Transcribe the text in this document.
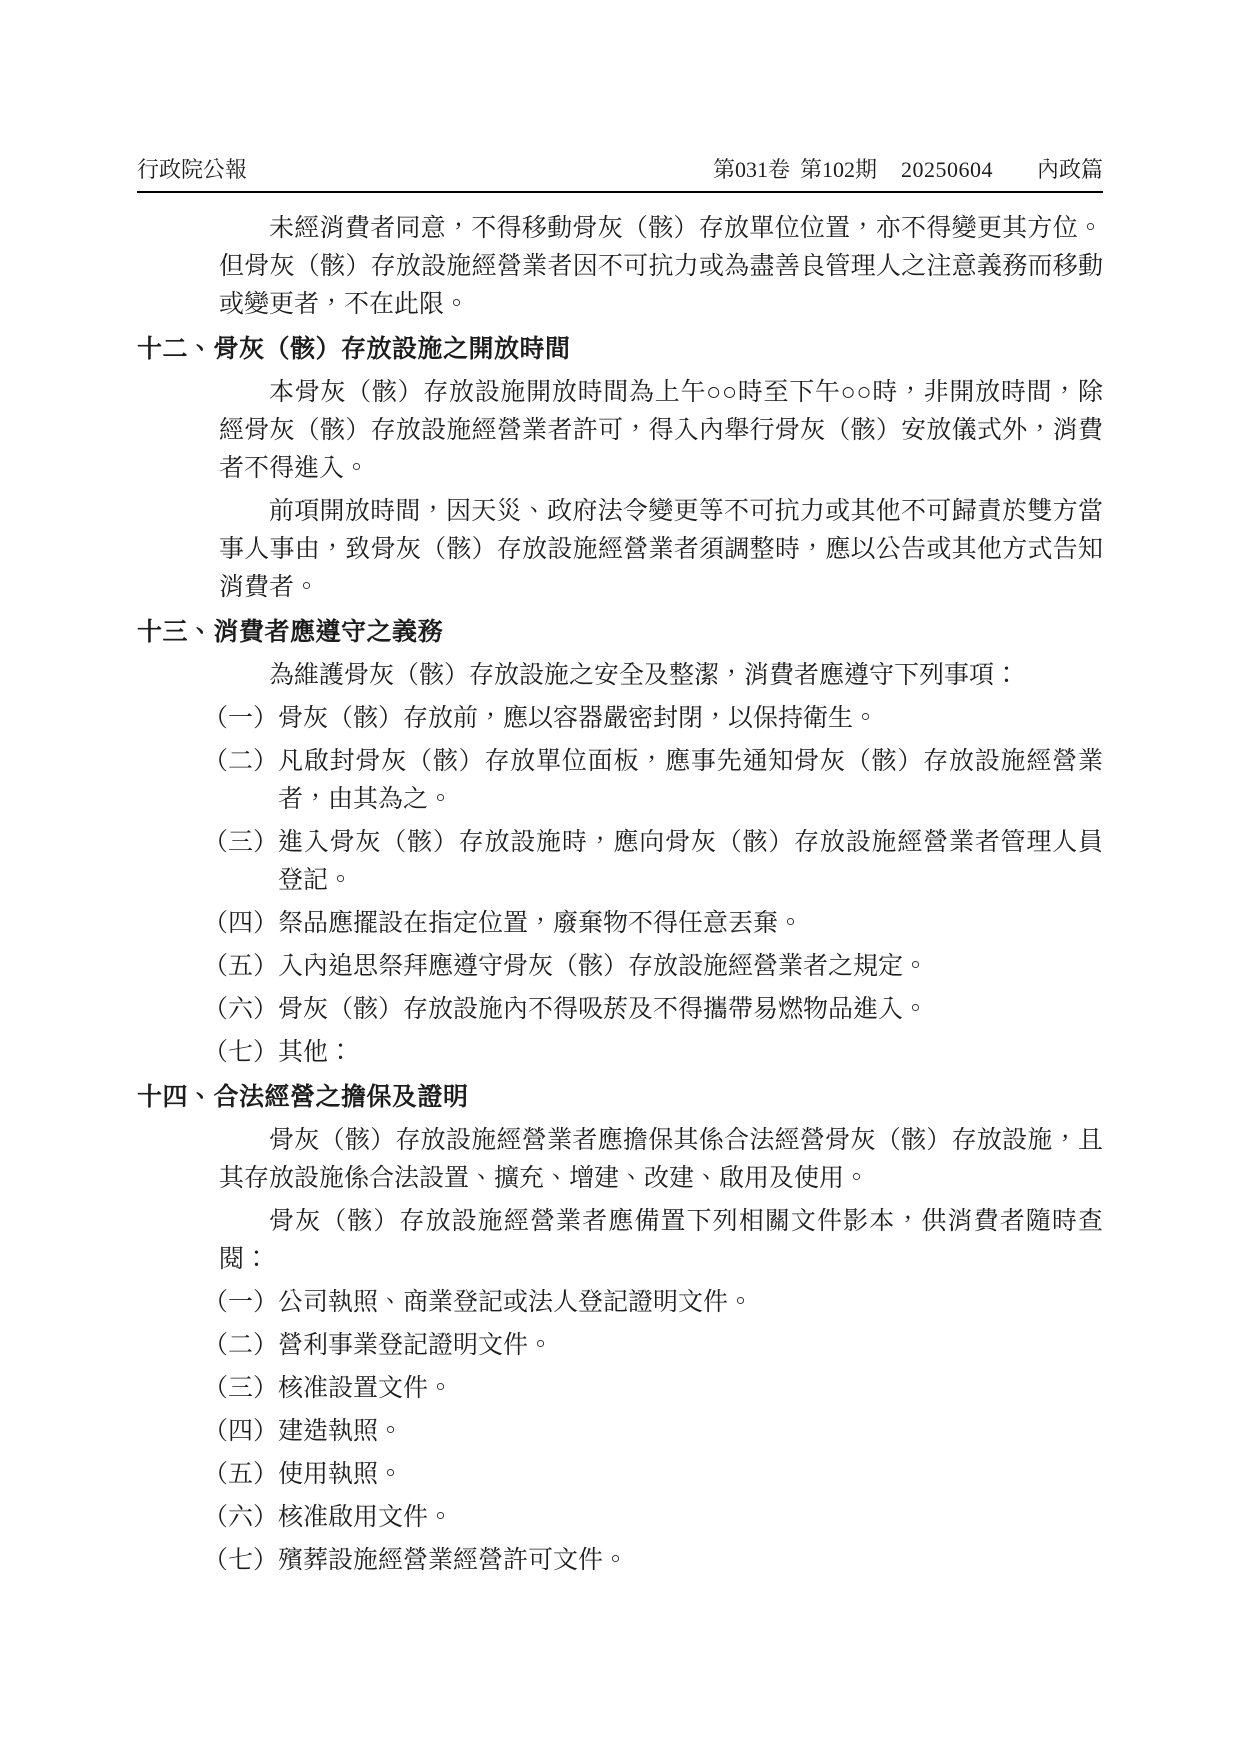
行政院公報	第031卷 第102期 20250604 內政篇

未經消費者同意，不得移動骨灰（骸）存放單位位置，亦不得變更其方位。但骨灰（骸）存放設施經營業者因不可抗力或為盡善良管理人之注意義務而移動或變更者，不在此限。

十二、骨灰（骸）存放設施之開放時間

本骨灰（骸）存放設施開放時間為上午○○時至下午○○時，非開放時間，除經骨灰（骸）存放設施經營業者許可，得入內舉行骨灰（骸）安放儀式外，消費者不得進入。

前項開放時間，因天災、政府法令變更等不可抗力或其他不可歸責於雙方當事人事由，致骨灰（骸）存放設施經營業者須調整時，應以公告或其他方式告知消費者。

十三、消費者應遵守之義務

為維護骨灰（骸）存放設施之安全及整潔，消費者應遵守下列事項：

（一） 骨灰（骸）存放前，應以容器嚴密封閉，以保持衛生。
（二） 凡啟封骨灰（骸）存放單位面板，應事先通知骨灰（骸）存放設施經營業者，由其為之。
（三） 進入骨灰（骸）存放設施時，應向骨灰（骸）存放設施經營業者管理人員登記。
（四） 祭品應擺設在指定位置，廢棄物不得任意丟棄。
（五） 入內追思祭拜應遵守骨灰（骸）存放設施經營業者之規定。
（六） 骨灰（骸）存放設施內不得吸菸及不得攜帶易燃物品進入。
（七） 其他：
十四、合法經營之擔保及證明

骨灰（骸）存放設施經營業者應擔保其係合法經營骨灰（骸）存放設施，且其存放設施係合法設置、擴充、增建、改建、啟用及使用。

骨灰（骸）存放設施經營業者應備置下列相關文件影本，供消費者隨時查閱：

（一） 公司執照、商業登記或法人登記證明文件。
（二） 營利事業登記證明文件。
（三） 核准設置文件。
（四） 建造執照。
（五） 使用執照。
（六） 核准啟用文件。
（七） 殯葬設施經營業經營許可文件。
